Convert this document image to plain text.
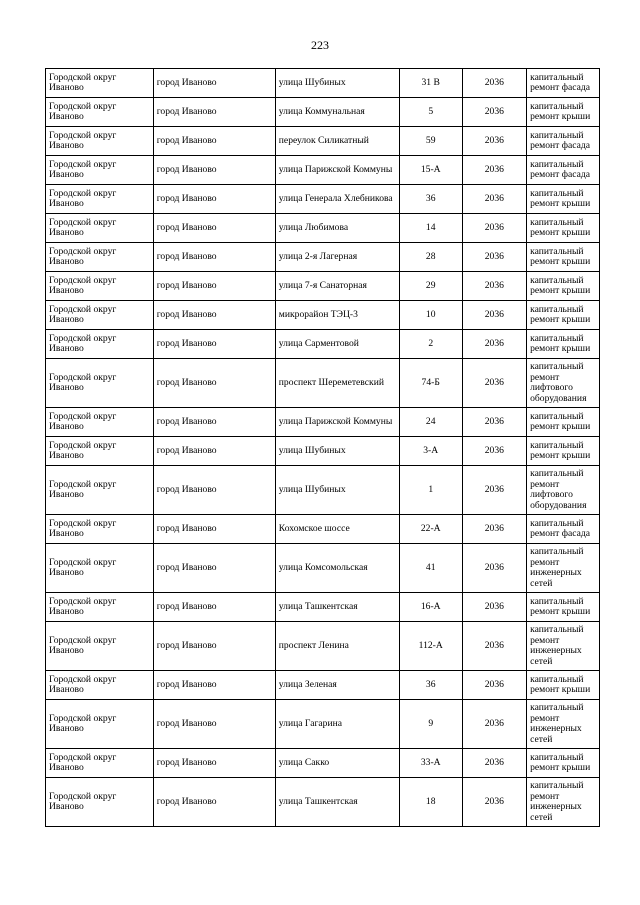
223
Городской округ Иваново	город Иваново	улица Шубиных	31 В	2036	капитальный ремонт фасада
Городской округ Иваново	город Иваново	улица Коммунальная	5	2036	капитальный ремонт крыши
Городской округ Иваново	город Иваново	переулок Силикатный	59	2036	капитальный ремонт фасада
Городской округ Иваново	город Иваново	улица Парижской Коммуны	15-А	2036	капитальный ремонт фасада
Городской округ Иваново	город Иваново	улица Генерала Хлебникова	36	2036	капитальный ремонт крыши
Городской округ Иваново	город Иваново	улица Любимова	14	2036	капитальный ремонт крыши
Городской округ Иваново	город Иваново	улица 2-я Лагерная	28	2036	капитальный ремонт крыши
Городской округ Иваново	город Иваново	улица 7-я Санаторная	29	2036	капитальный ремонт крыши
Городской округ Иваново	город Иваново	микрорайон ТЭЦ-3	10	2036	капитальный ремонт крыши
Городской округ Иваново	город Иваново	улица Сарментовой	2	2036	капитальный ремонт крыши
Городской округ Иваново	город Иваново	проспект Шереметевский	74-Б	2036	капитальный ремонт лифтового оборудования
Городской округ Иваново	город Иваново	улица Парижской Коммуны	24	2036	капитальный ремонт крыши
Городской округ Иваново	город Иваново	улица Шубиных	3-А	2036	капитальный ремонт крыши
Городской округ Иваново	город Иваново	улица Шубиных	1	2036	капитальный ремонт лифтового оборудования
Городской округ Иваново	город Иваново	Кохомское шоссе	22-А	2036	капитальный ремонт фасада
Городской округ Иваново	город Иваново	улица Комсомольская	41	2036	капитальный ремонт инженерных сетей
Городской округ Иваново	город Иваново	улица Ташкентская	16-А	2036	капитальный ремонт крыши
Городской округ Иваново	город Иваново	проспект Ленина	112-А	2036	капитальный ремонт инженерных сетей
Городской округ Иваново	город Иваново	улица Зеленая	36	2036	капитальный ремонт крыши
Городской округ Иваново	город Иваново	улица Гагарина	9	2036	капитальный ремонт инженерных сетей
Городской округ Иваново	город Иваново	улица Сакко	33-А	2036	капитальный ремонт крыши
Городской округ Иваново	город Иваново	улица Ташкентская	18	2036	капитальный ремонт инженерных сетей
